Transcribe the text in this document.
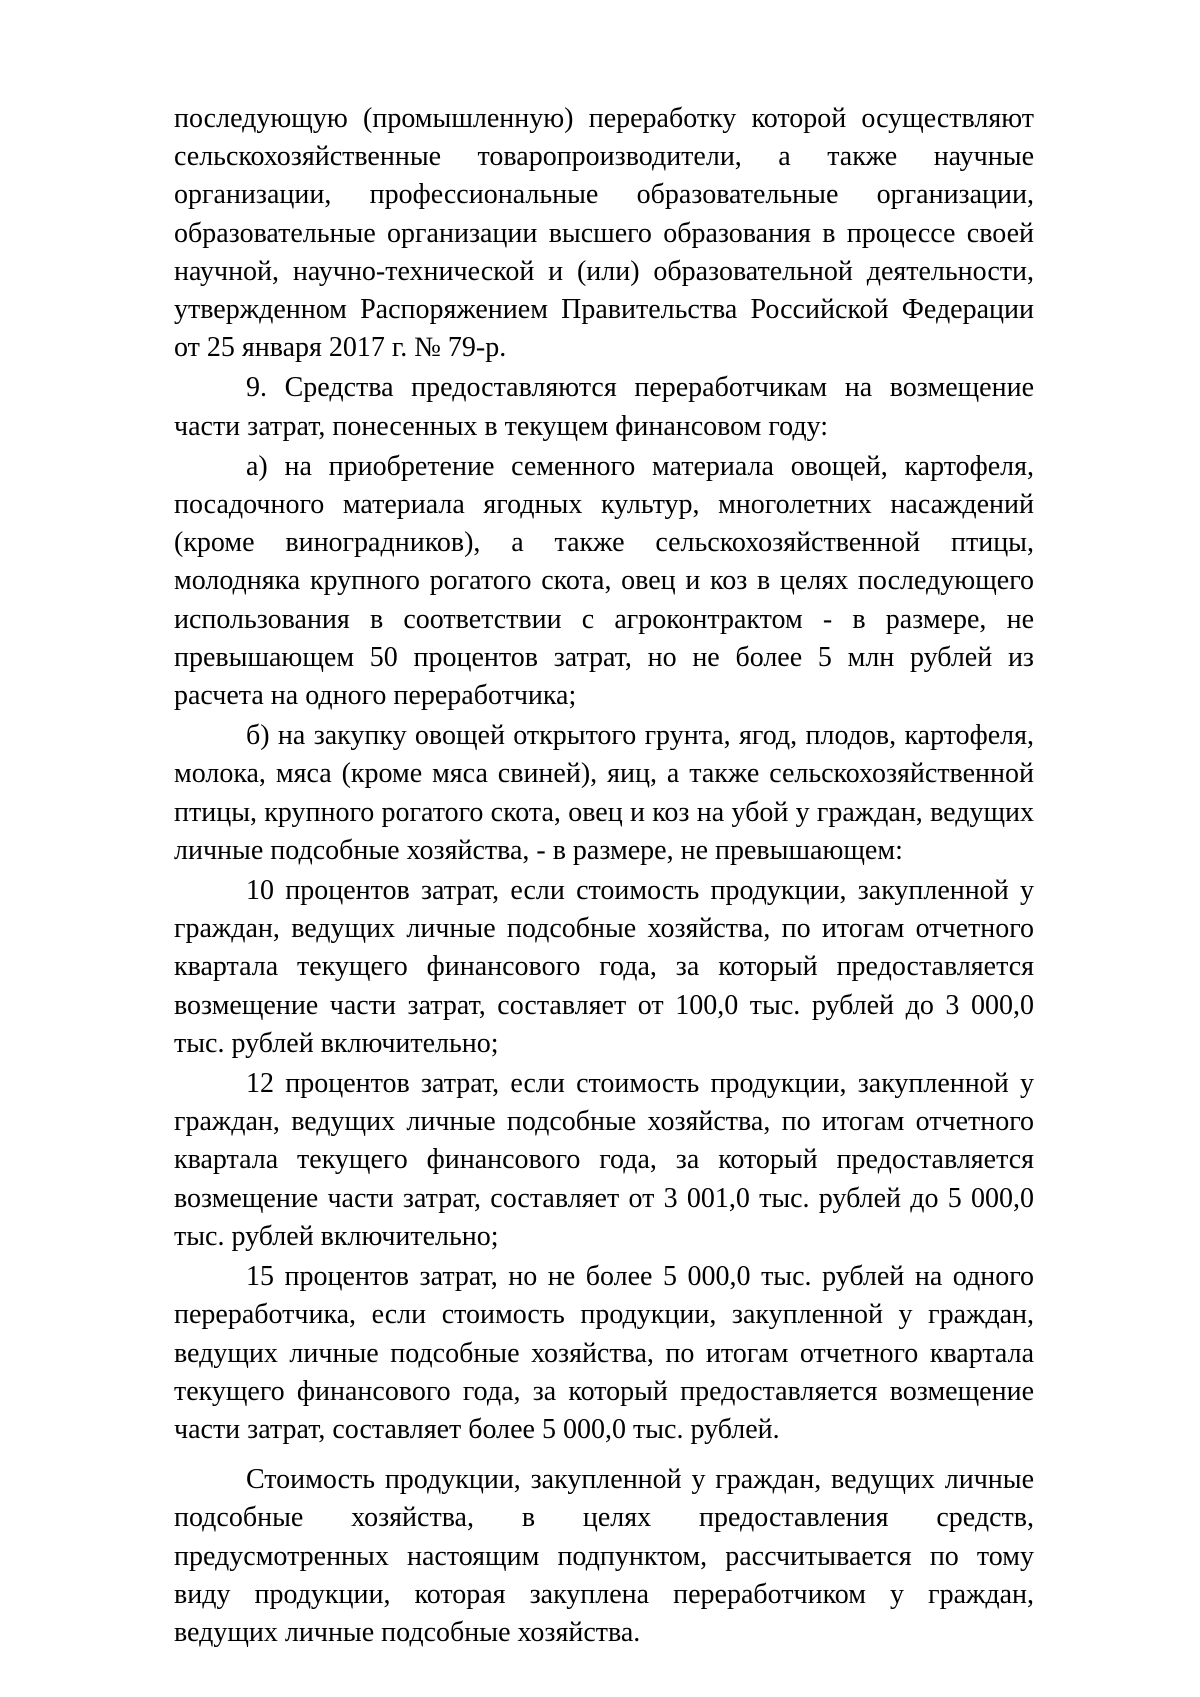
последующую (промышленную) переработку которой осуществляют сельскохозяйственные товаропроизводители, а также научные организации, профессиональные образовательные организации, образовательные организации высшего образования в процессе своей научной, научно-технической и (или) образовательной деятельности, утвержденном Распоряжением Правительства Российской Федерации от 25 января 2017 г. № 79-р.

9. Средства предоставляются переработчикам на возмещение части затрат, понесенных в текущем финансовом году:

а) на приобретение семенного материала овощей, картофеля, посадочного материала ягодных культур, многолетних насаждений (кроме виноградников), а также сельскохозяйственной птицы, молодняка крупного рогатого скота, овец и коз в целях последующего использования в соответствии с агроконтрактом - в размере, не превышающем 50 процентов затрат, но не более 5 млн рублей из расчета на одного переработчика;

б) на закупку овощей открытого грунта, ягод, плодов, картофеля, молока, мяса (кроме мяса свиней), яиц, а также сельскохозяйственной птицы, крупного рогатого скота, овец и коз на убой у граждан, ведущих личные подсобные хозяйства, - в размере, не превышающем:

10 процентов затрат, если стоимость продукции, закупленной у граждан, ведущих личные подсобные хозяйства, по итогам отчетного квартала текущего финансового года, за который предоставляется возмещение части затрат, составляет от 100,0 тыс. рублей до 3 000,0 тыс. рублей включительно;

12 процентов затрат, если стоимость продукции, закупленной у граждан, ведущих личные подсобные хозяйства, по итогам отчетного квартала текущего финансового года, за который предоставляется возмещение части затрат, составляет от 3 001,0 тыс. рублей до 5 000,0 тыс. рублей включительно;

15 процентов затрат, но не более 5 000,0 тыс. рублей на одного переработчика, если стоимость продукции, закупленной у граждан, ведущих личные подсобные хозяйства, по итогам отчетного квартала текущего финансового года, за который предоставляется возмещение части затрат, составляет более 5 000,0 тыс. рублей.

Стоимость продукции, закупленной у граждан, ведущих личные подсобные хозяйства, в целях предоставления средств, предусмотренных настоящим подпунктом, рассчитывается по тому виду продукции, которая закуплена переработчиком у граждан, ведущих личные подсобные хозяйства.
